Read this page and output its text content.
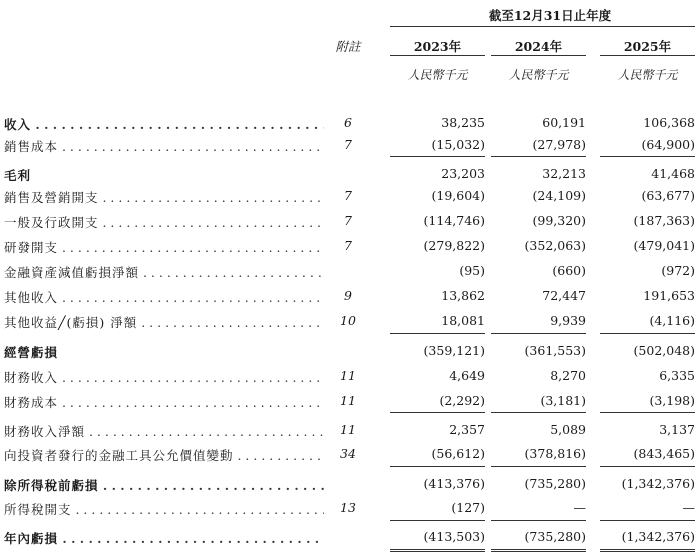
截至12月31日止年度
附註	2023年	2024年	2025年
人民幣千元	人民幣千元	人民幣千元
收入 . . .	6	38,235	60,191	106,368
銷售成本 . . .	7	(15,032)	(27,978)	(64,900)
毛利	23,203	32,213	41,468
銷售及營銷開支 . . .	7	(19,604)	(24,109)	(63,677)
一般及行政開支 . . .	7	(114,746)	(99,320)	(187,363)
研發開支 . . .	7	(279,822)	(352,063)	(479,041)
金融資產減值虧損淨額 . . .	(95)	(660)	(972)
其他收入 . . .	9	13,862	72,447	191,653
其他收益╱(虧損) 淨額 . . .	10	18,081	9,939	(4,116)
經營虧損	(359,121)	(361,553)	(502,048)
財務收入 . . .	11	4,649	8,270	6,335
財務成本 . . .	11	(2,292)	(3,181)	(3,198)
財務收入淨額 . . .	11	2,357	5,089	3,137
向投資者發行的金融工具公允價值變動 . . .	34	(56,612)	(378,816)	(843,465)
除所得稅前虧損 . . .	(413,376)	(735,280)	(1,342,376)
所得稅開支 . . .	13	(127)	—	—
年內虧損 . . .	(413,503)	(735,280)	(1,342,376)
